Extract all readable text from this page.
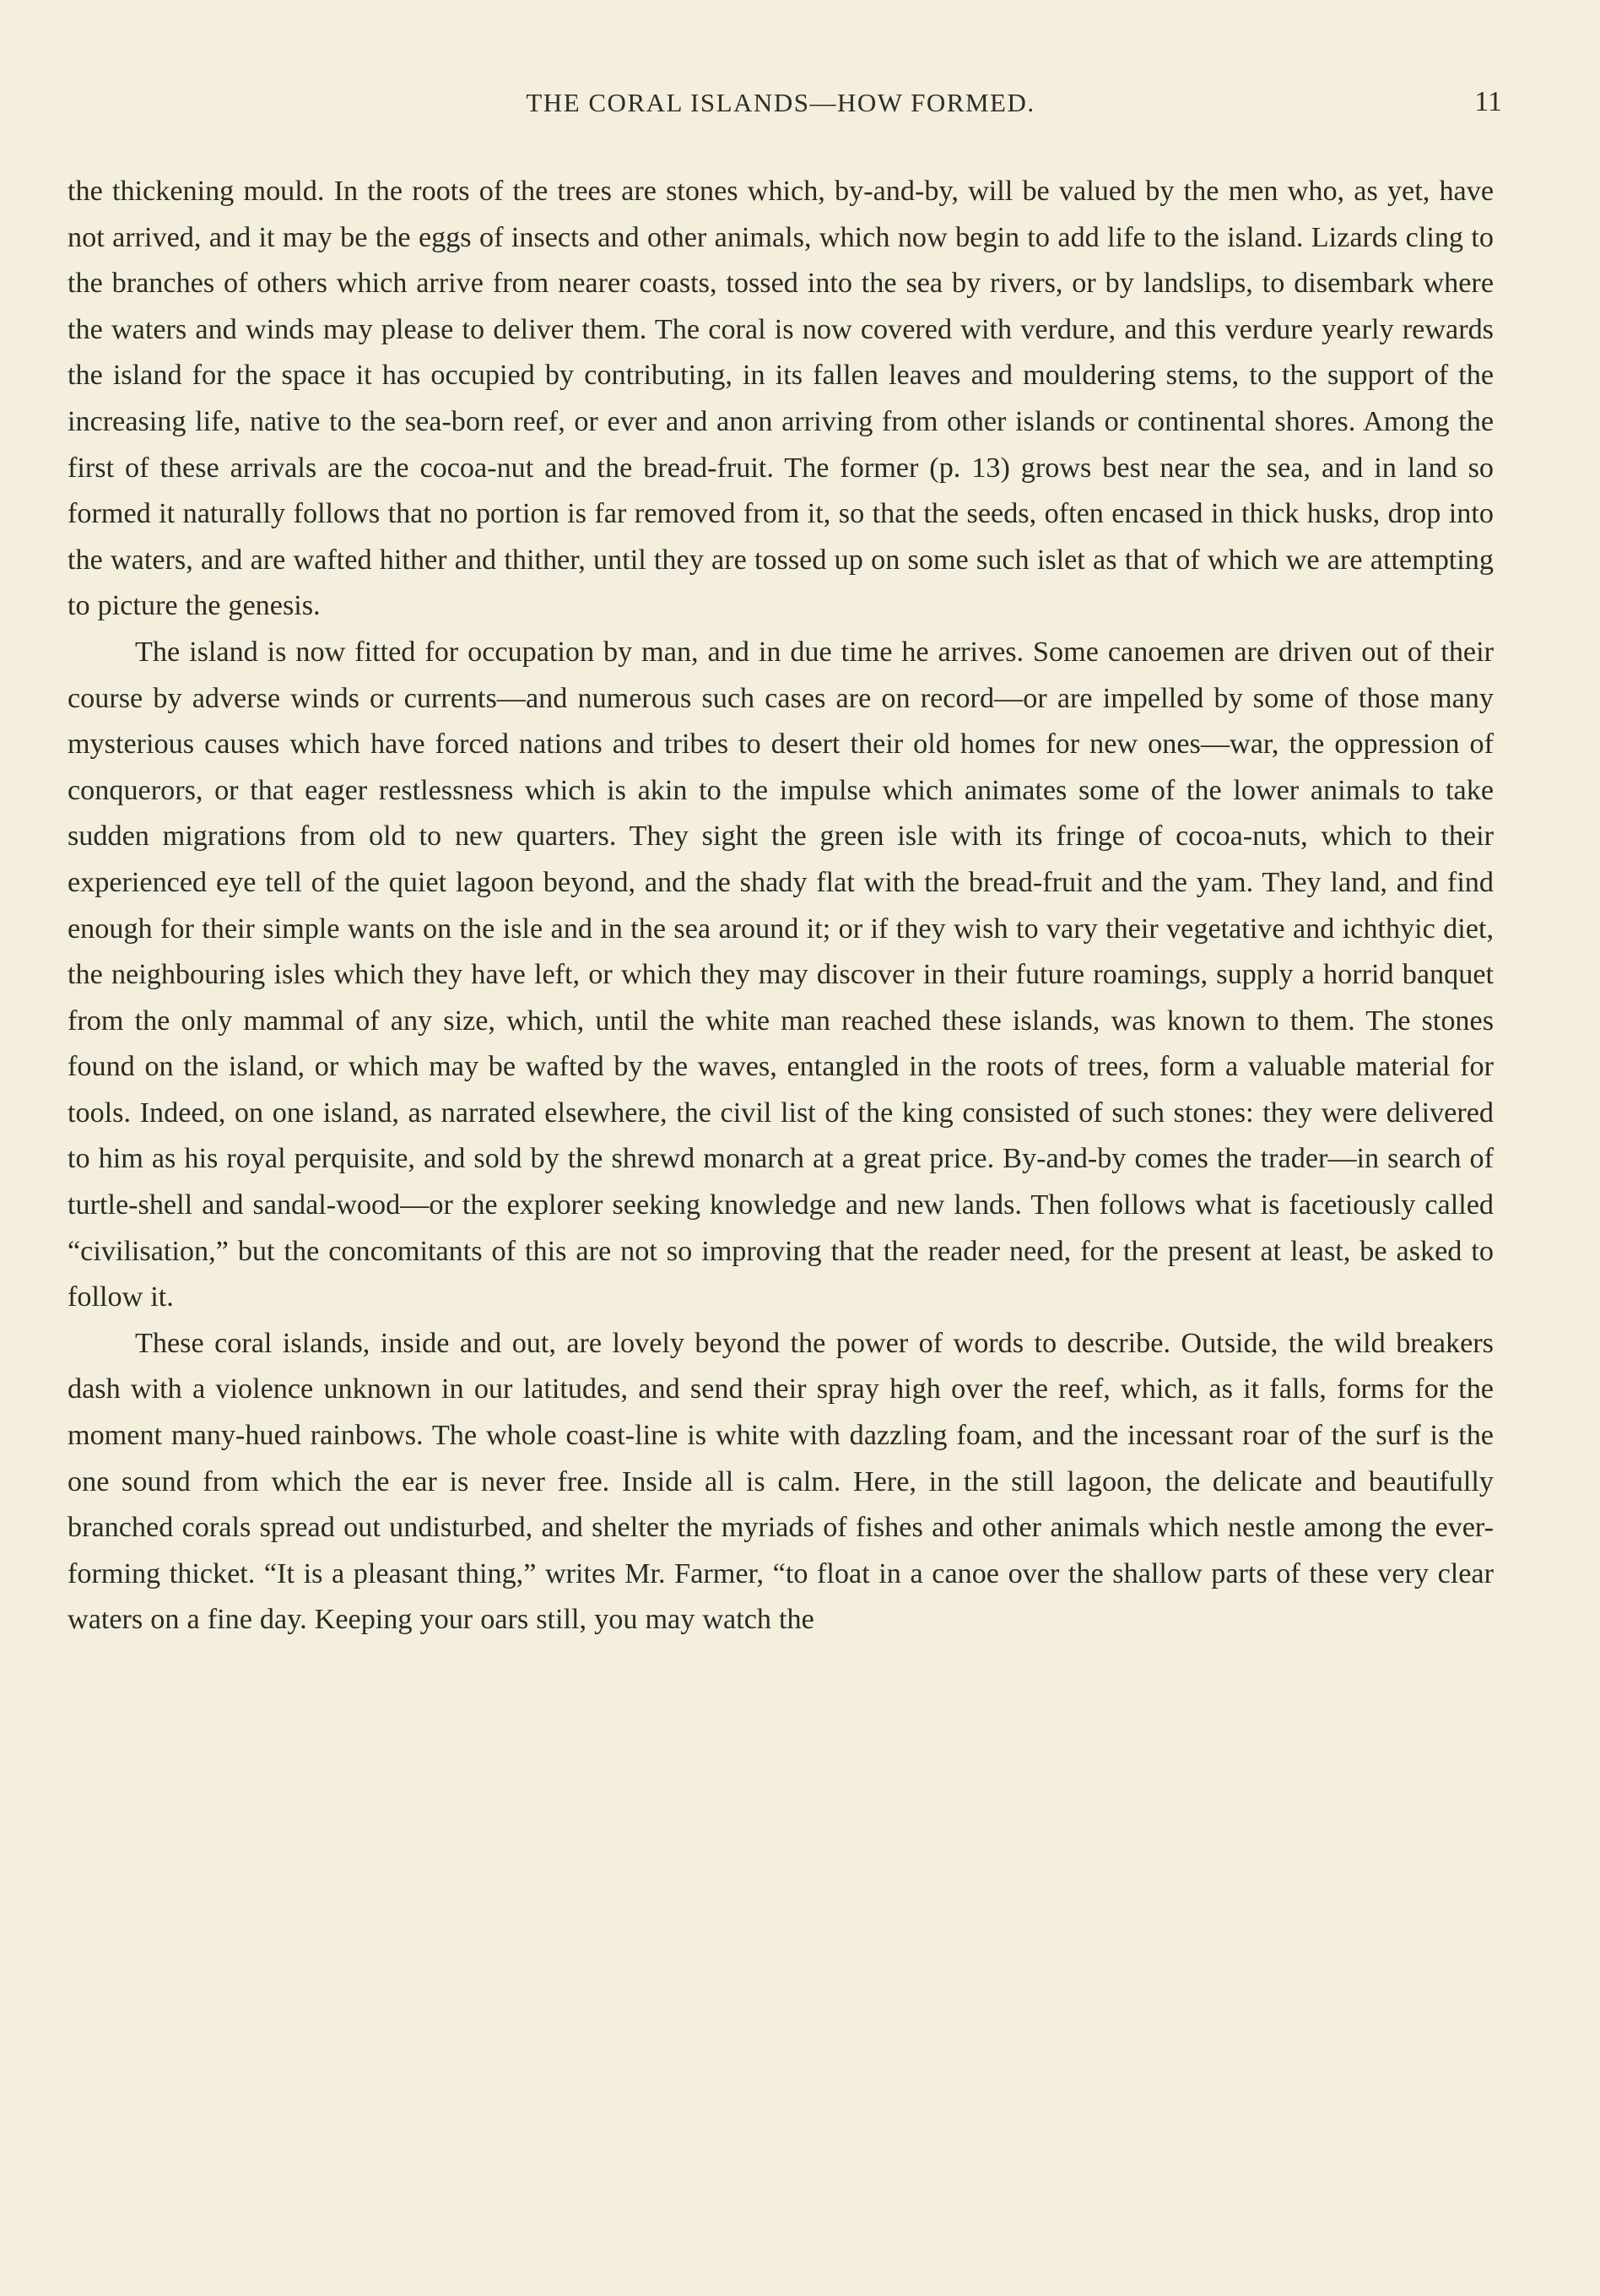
THE CORAL ISLANDS—HOW FORMED.	11

the thickening mould. In the roots of the trees are stones which, by-and-by, will be valued by the men who, as yet, have not arrived, and it may be the eggs of insects and other animals, which now begin to add life to the island. Lizards cling to the branches of others which arrive from nearer coasts, tossed into the sea by rivers, or by landslips, to disembark where the waters and winds may please to deliver them. The coral is now covered with verdure, and this verdure yearly rewards the island for the space it has occupied by contributing, in its fallen leaves and mouldering stems, to the support of the increasing life, native to the sea-born reef, or ever and anon arriving from other islands or continental shores. Among the first of these arrivals are the cocoa-nut and the bread-fruit. The former (p. 13) grows best near the sea, and in land so formed it naturally follows that no portion is far removed from it, so that the seeds, often encased in thick husks, drop into the waters, and are wafted hither and thither, until they are tossed up on some such islet as that of which we are attempting to picture the genesis.

The island is now fitted for occupation by man, and in due time he arrives. Some canoemen are driven out of their course by adverse winds or currents—and numerous such cases are on record—or are impelled by some of those many mysterious causes which have forced nations and tribes to desert their old homes for new ones—war, the oppression of conquerors, or that eager restlessness which is akin to the impulse which animates some of the lower animals to take sudden migrations from old to new quarters. They sight the green isle with its fringe of cocoa-nuts, which to their experienced eye tell of the quiet lagoon beyond, and the shady flat with the bread-fruit and the yam. They land, and find enough for their simple wants on the isle and in the sea around it; or if they wish to vary their vegetative and ichthyic diet, the neighbouring isles which they have left, or which they may discover in their future roamings, supply a horrid banquet from the only mammal of any size, which, until the white man reached these islands, was known to them. The stones found on the island, or which may be wafted by the waves, entangled in the roots of trees, form a valuable material for tools. Indeed, on one island, as narrated elsewhere, the civil list of the king consisted of such stones: they were delivered to him as his royal perquisite, and sold by the shrewd monarch at a great price. By-and-by comes the trader—in search of turtle-shell and sandal-wood—or the explorer seeking knowledge and new lands. Then follows what is facetiously called “civilisation,” but the concomitants of this are not so improving that the reader need, for the present at least, be asked to follow it.

These coral islands, inside and out, are lovely beyond the power of words to describe. Outside, the wild breakers dash with a violence unknown in our latitudes, and send their spray high over the reef, which, as it falls, forms for the moment many-hued rainbows. The whole coast-line is white with dazzling foam, and the incessant roar of the surf is the one sound from which the ear is never free. Inside all is calm. Here, in the still lagoon, the delicate and beautifully branched corals spread out undisturbed, and shelter the myriads of fishes and other animals which nestle among the ever-forming thicket. “It is a pleasant thing,” writes Mr. Farmer, “to float in a canoe over the shallow parts of these very clear waters on a fine day. Keeping your oars still, you may watch the
